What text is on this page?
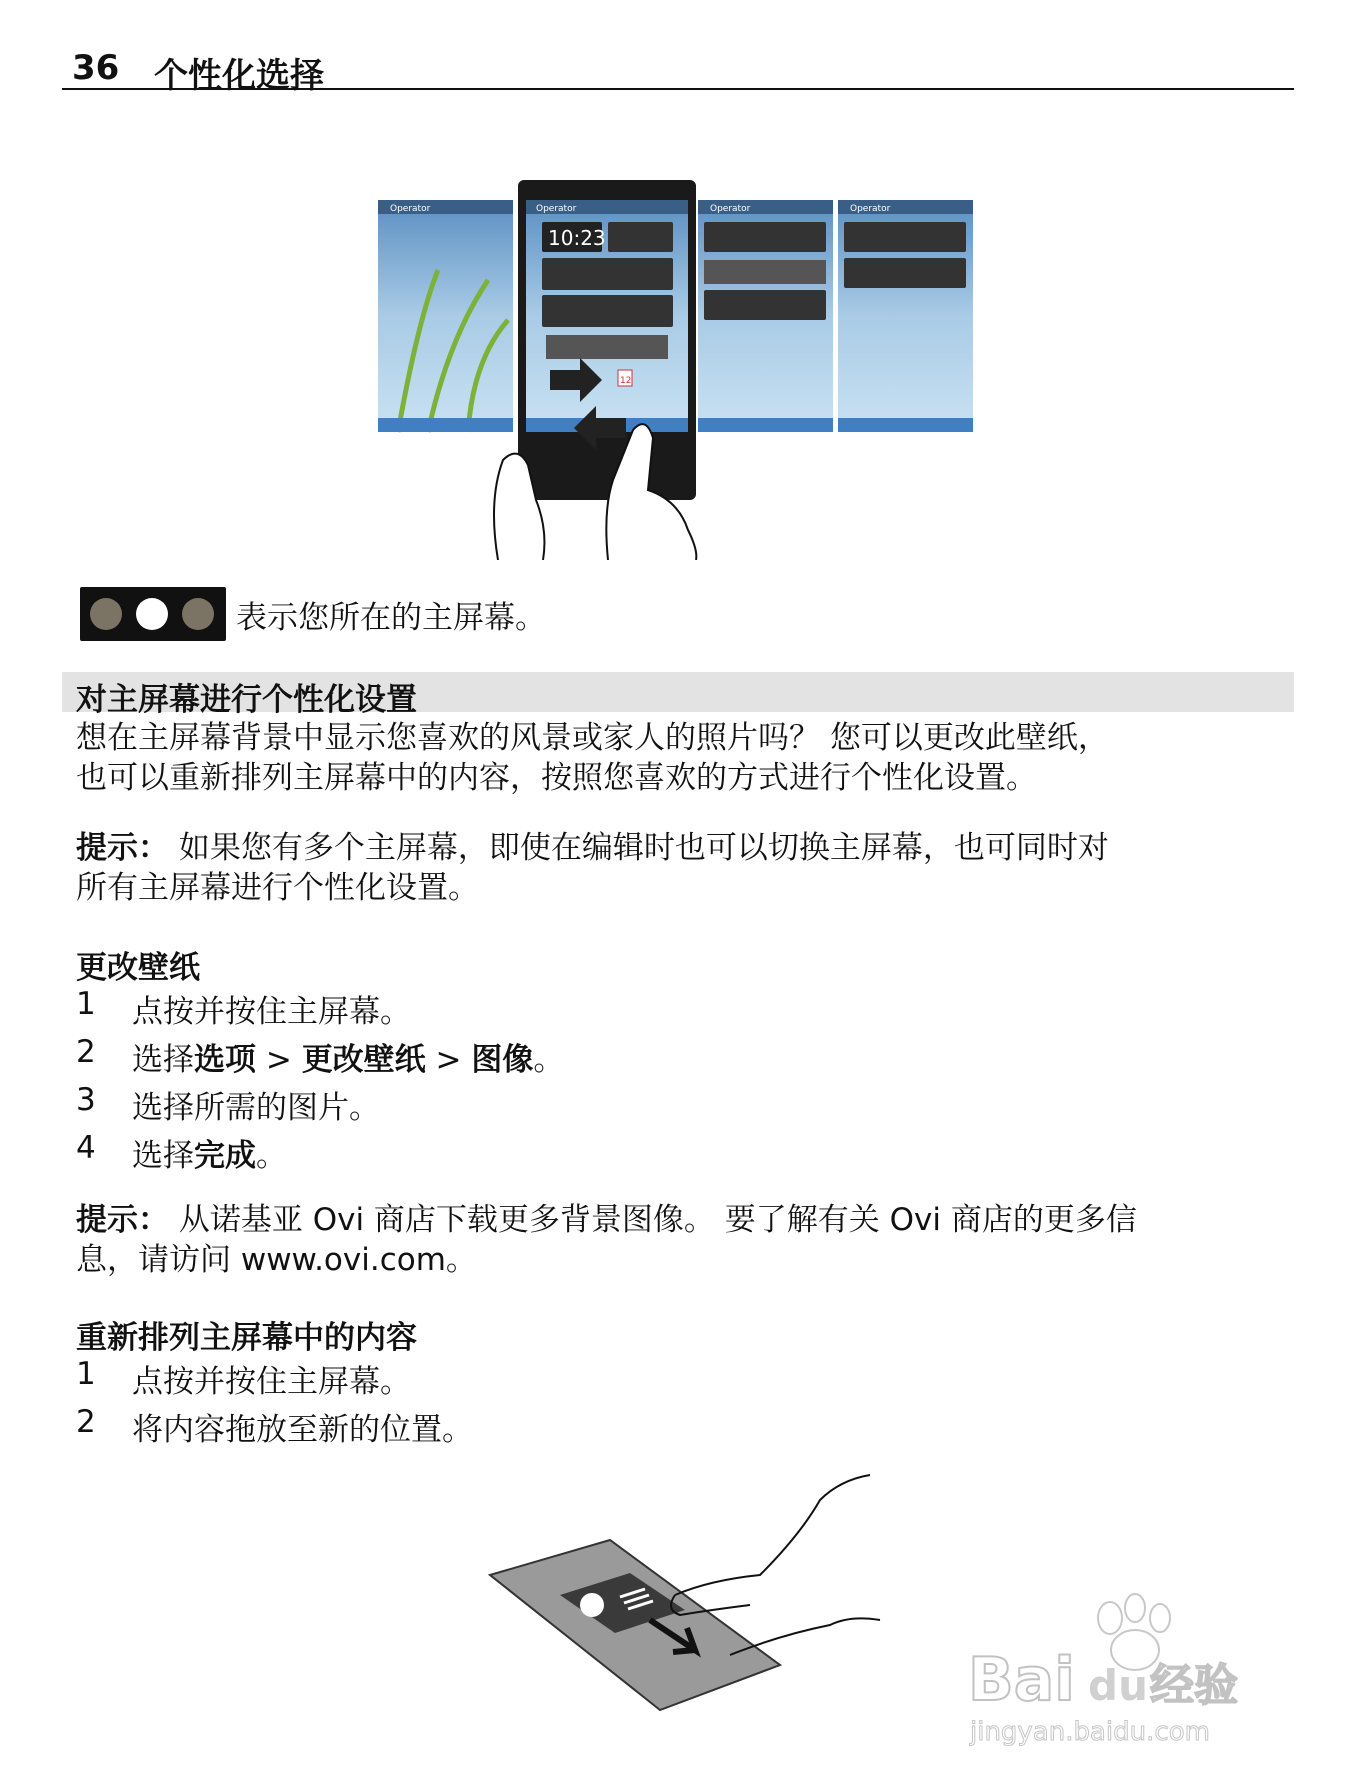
36 个性化选择
Operator	Operator
10:23
12
Operator	Operator
表示您所在的主屏幕。
对主屏幕进行个性化设置

想在主屏幕背景中显示您喜欢的风景或家人的照片吗？ 您可以更改此壁纸，
也可以重新排列主屏幕中的内容，按照您喜欢的方式进行个性化设置。

提示： 如果您有多个主屏幕，即使在编辑时也可以切换主屏幕，也可同时对
所有主屏幕进行个性化设置。

更改壁纸
1 点按并按住主屏幕。
2 选择选项 > 更改壁纸 > 图像。
3 选择所需的图片。
4 选择完成。

提示： 从诺基亚 Ovi 商店下载更多背景图像。 要了解有关 Ovi 商店的更多信
息，请访问 www.ovi.com。

重新排列主屏幕中的内容
1 点按并按住主屏幕。
2 将内容拖放至新的位置。
Bai du 经验
jingyan.baidu.com
